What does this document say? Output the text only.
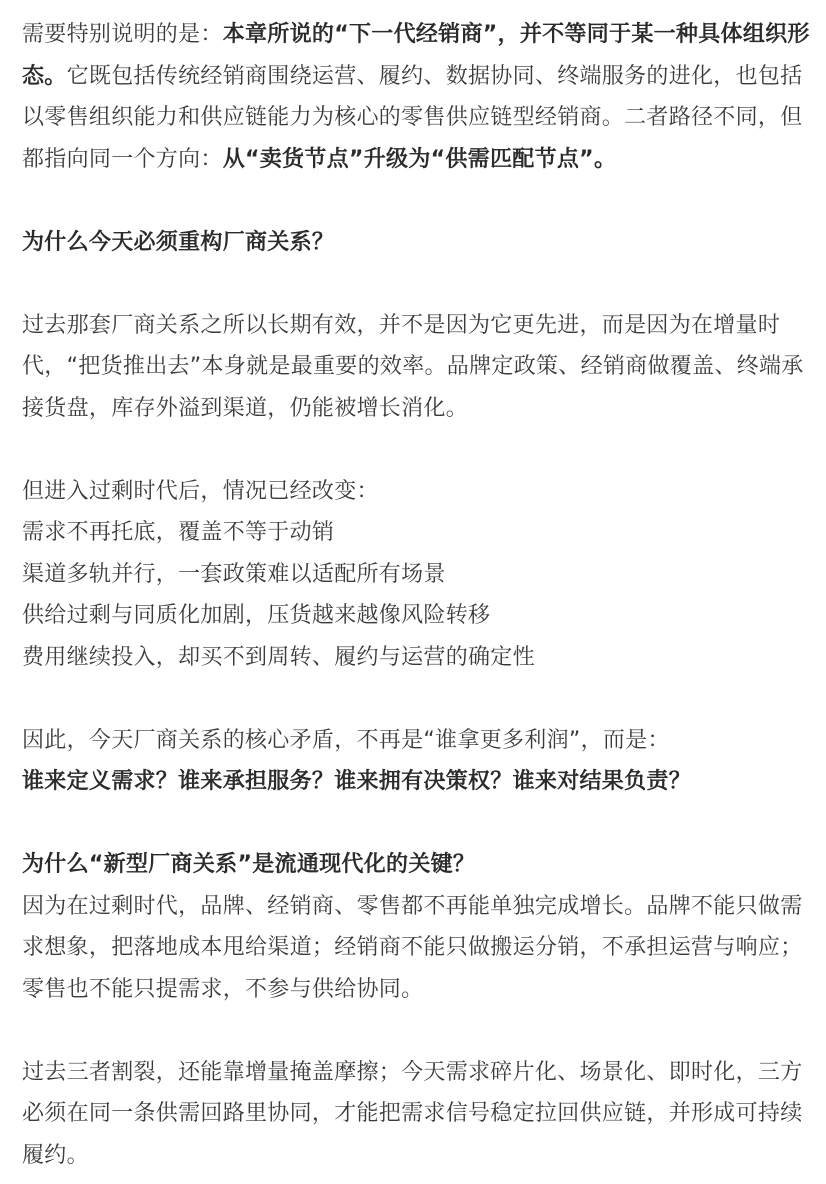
需要特别说明的是：本章所说的“下一代经销商”，并不等同于某一种具体组织形态。它既包括传统经销商围绕运营、履约、数据协同、终端服务的进化，也包括以零售组织能力和供应链能力为核心的零售供应链型经销商。二者路径不同，但都指向同一个方向：从“卖货节点”升级为“供需匹配节点”。

为什么今天必须重构厂商关系？

过去那套厂商关系之所以长期有效，并不是因为它更先进，而是因为在增量时代，“把货推出去”本身就是最重要的效率。品牌定政策、经销商做覆盖、终端承接货盘，库存外溢到渠道，仍能被增长消化。

但进入过剩时代后，情况已经改变：

需求不再托底，覆盖不等于动销

渠道多轨并行，一套政策难以适配所有场景

供给过剩与同质化加剧，压货越来越像风险转移

费用继续投入，却买不到周转、履约与运营的确定性

因此，今天厂商关系的核心矛盾，不再是“谁拿更多利润”，而是：

谁来定义需求？谁来承担服务？谁来拥有决策权？谁来对结果负责？

为什么“新型厂商关系”是流通现代化的关键？

因为在过剩时代，品牌、经销商、零售都不再能单独完成增长。品牌不能只做需求想象，把落地成本甩给渠道；经销商不能只做搬运分销，不承担运营与响应；零售也不能只提需求，不参与供给协同。

过去三者割裂，还能靠增量掩盖摩擦；今天需求碎片化、场景化、即时化，三方必须在同一条供需回路里协同，才能把需求信号稳定拉回供应链，并形成可持续履约。
